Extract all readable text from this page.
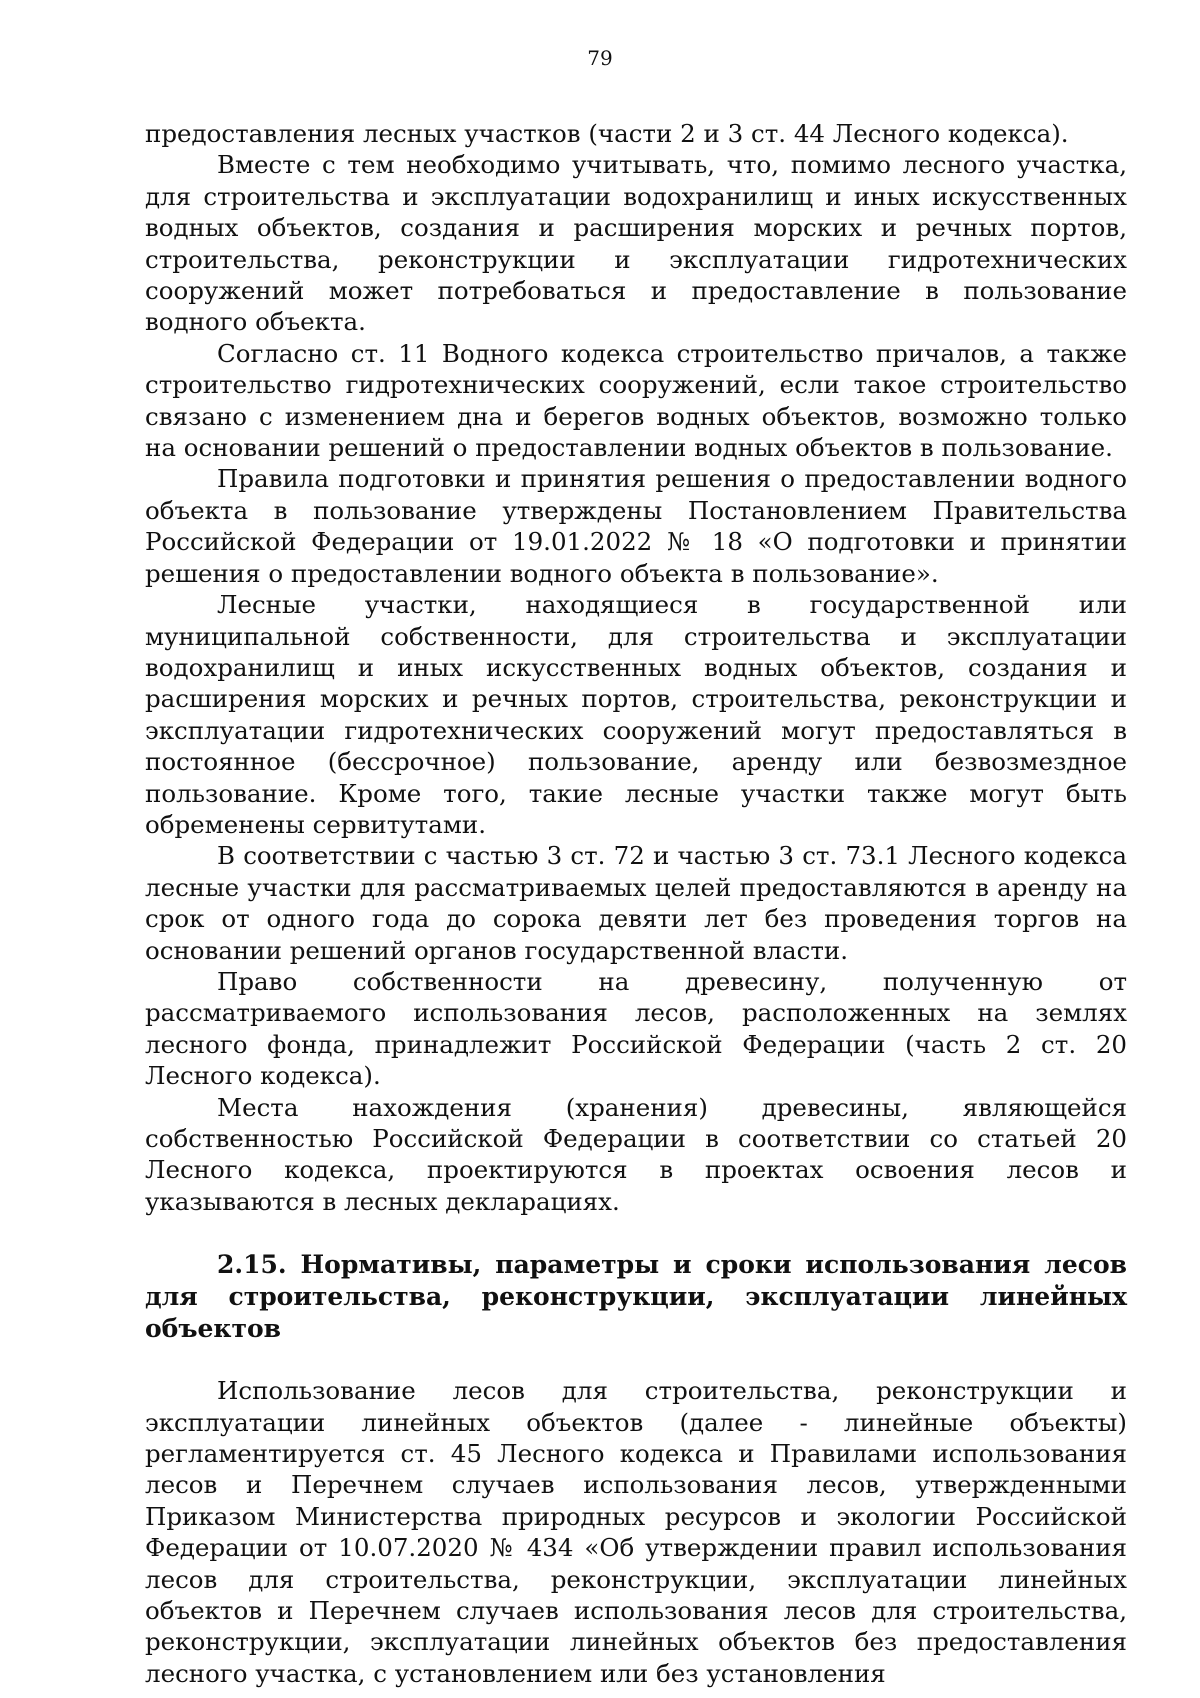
79

предоставления лесных участков (части 2 и 3 ст. 44 Лесного кодекса).

Вместе с тем необходимо учитывать, что, помимо лесного участка, для строительства и эксплуатации водохранилищ и иных искусственных водных объектов, создания и расширения морских и речных портов, строительства, реконструкции и эксплуатации гидротехнических сооружений может потребоваться и предоставление в пользование водного объекта.

Согласно ст. 11 Водного кодекса строительство причалов, а также строительство гидротехнических сооружений, если такое строительство связано с изменением дна и берегов водных объектов, возможно только на основании решений о предоставлении водных объектов в пользование.

Правила подготовки и принятия решения о предоставлении водного объекта в пользование утверждены Постановлением Правительства Российской Федерации от 19.01.2022 № 18 «О подготовки и принятии решения о предоставлении водного объекта в пользование».

Лесные участки, находящиеся в государственной или муниципальной собственности, для строительства и эксплуатации водохранилищ и иных искусственных водных объектов, создания и расширения морских и речных портов, строительства, реконструкции и эксплуатации гидротехнических сооружений могут предоставляться в постоянное (бессрочное) пользование, аренду или безвозмездное пользование. Кроме того, такие лесные участки также могут быть обременены сервитутами.

В соответствии с частью 3 ст. 72 и частью 3 ст. 73.1 Лесного кодекса лесные участки для рассматриваемых целей предоставляются в аренду на срок от одного года до сорока девяти лет без проведения торгов на основании решений органов государственной власти.

Право собственности на древесину, полученную от рассматриваемого использования лесов, расположенных на землях лесного фонда, принадлежит Российской Федерации (часть 2 ст. 20 Лесного кодекса).

Места нахождения (хранения) древесины, являющейся собственностью Российской Федерации в соответствии со статьей 20 Лесного кодекса, проектируются в проектах освоения лесов и указываются в лесных декларациях.

2.15. Нормативы, параметры и сроки использования лесов для строительства, реконструкции, эксплуатации линейных объектов

Использование лесов для строительства, реконструкции и эксплуатации линейных объектов (далее - линейные объекты) регламентируется ст. 45 Лесного кодекса и Правилами использования лесов и Перечнем случаев использования лесов, утвержденными Приказом Министерства природных ресурсов и экологии Российской Федерации от 10.07.2020 № 434 «Об утверждении правил использования лесов для строительства, реконструкции, эксплуатации линейных объектов и Перечнем случаев использования лесов для строительства, реконструкции, эксплуатации линейных объектов без предоставления лесного участка, с установлением или без установления
